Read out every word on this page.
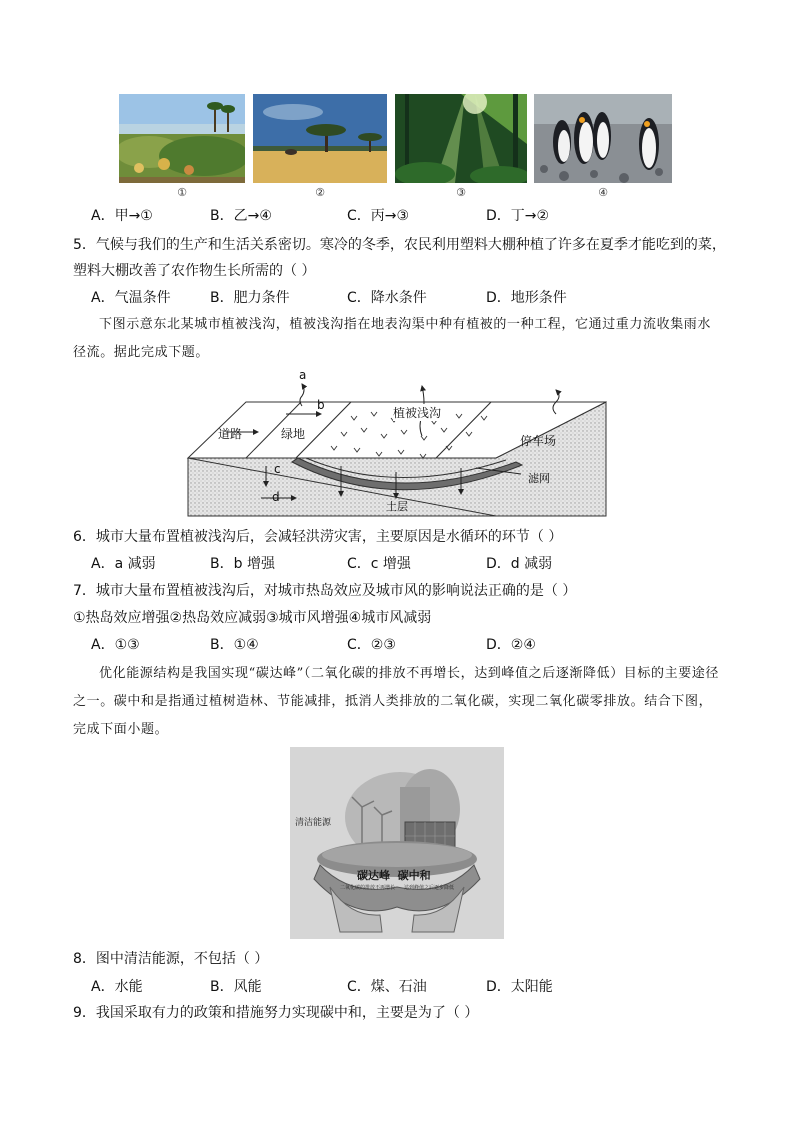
①	②	③	④
A．甲→①	B．乙→④	C．丙→③	D．丁→②
5．气候与我们的生产和生活关系密切。寒冷的冬季，农民利用塑料大棚种植了许多在夏季才能吃到的菜，
塑料大棚改善了农作物生长所需的（ ）
A．气温条件	B．肥力条件	C．降水条件	D．地形条件
下图示意东北某城市植被浅沟，植被浅沟指在地表沟渠中种有植被的一种工程，它通过重力流收集雨水径流。据此完成下题。
a
b
c
d
道路	绿地
植被浅沟
停车场
滤网
土层
6．城市大量布置植被浅沟后，会减轻洪涝灾害，主要原因是水循环的环节（ ）
A．a 减弱	B．b 增强	C．c 增强	D．d 减弱
7．城市大量布置植被浅沟后，对城市热岛效应及城市风的影响说法正确的是（ ）
①热岛效应增强②热岛效应减弱③城市风增强④城市风减弱
A．①③	B．①④	C．②③	D．②④
优化能源结构是我国实现“碳达峰”（二氧化碳的排放不再增长，达到峰值之后逐渐降低）目标的主要途径之一。碳中和是指通过植树造林、节能减排，抵消人类排放的二氧化碳，实现二氧化碳零排放。结合下图，完成下面小题。
清洁能源
碳达峰  碳中和
二氧化碳的排放不再增长 达到峰值之后逐步降低
8．图中清洁能源，不包括（ ）
A．水能	B．风能	C．煤、石油	D．太阳能
9．我国采取有力的政策和措施努力实现碳中和，主要是为了（ ）
